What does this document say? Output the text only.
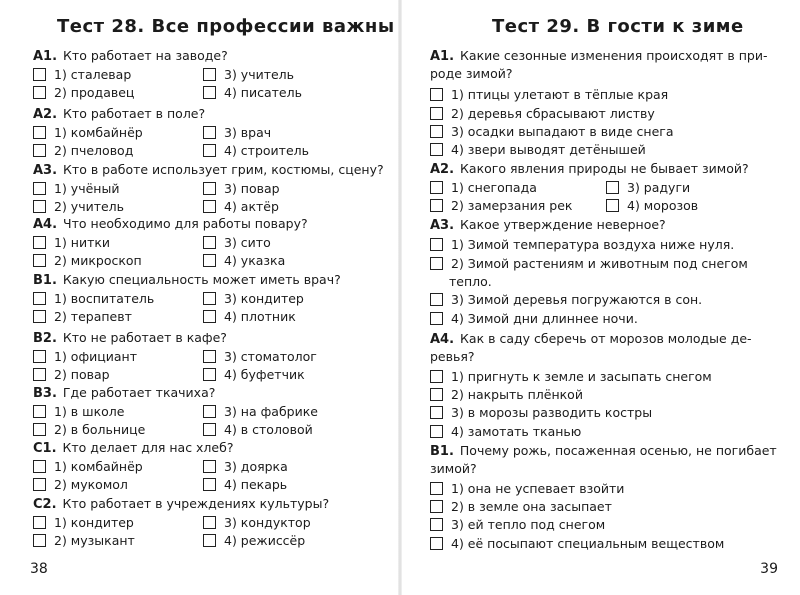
Тест 28. Все профессии важны
А1. Кто работает на заводе?
1) сталевар
2) продавец
3) учитель
4) писатель
А2. Кто работает в поле?
1) комбайнёр
2) пчеловод
3) врач
4) строитель
А3. Кто в работе использует грим, костюмы, сцену?
1) учёный
2) учитель
3) повар
4) актёр
А4. Что необходимо для работы повару?
1) нитки
2) микроскоп
3) сито
4) указка
В1. Какую специальность может иметь врач?
1) воспитатель
2) терапевт
3) кондитер
4) плотник
В2. Кто не работает в кафе?
1) официант
2) повар
3) стоматолог
4) буфетчик
В3. Где работает ткачиха?
1) в школе
2) в больнице
3) на фабрике
4) в столовой
С1. Кто делает для нас хлеб?
1) комбайнёр
2) мукомол
3) доярка
4) пекарь
С2. Кто работает в учреждениях культуры?
1) кондитер
2) музыкант
3) кондуктор
4) режиссёр
38
Тест 29. В гости к зиме
А1. Какие сезонные изменения происходят в при-
роде зимой?
1) птицы улетают в тёплые края
2) деревья сбрасывают листву
3) осадки выпадают в виде снега
4) звери выводят детёнышей
А2. Какого явления природы не бывает зимой?
1) снегопада
2) замерзания рек
3) радуги
4) морозов
А3. Какое утверждение неверное?
1) Зимой температура воздуха ниже нуля.
2) Зимой растениям и животным под снегом
тепло.
3) Зимой деревья погружаются в сон.
4) Зимой дни длиннее ночи.
А4. Как в саду сберечь от морозов молодые де-
ревья?
1) пригнуть к земле и засыпать снегом
2) накрыть плёнкой
3) в морозы разводить костры
4) замотать тканью
В1. Почему рожь, посаженная осенью, не погибает
зимой?
1) она не успевает взойти
2) в земле она засыпает
3) ей тепло под снегом
4) её посыпают специальным веществом
39
